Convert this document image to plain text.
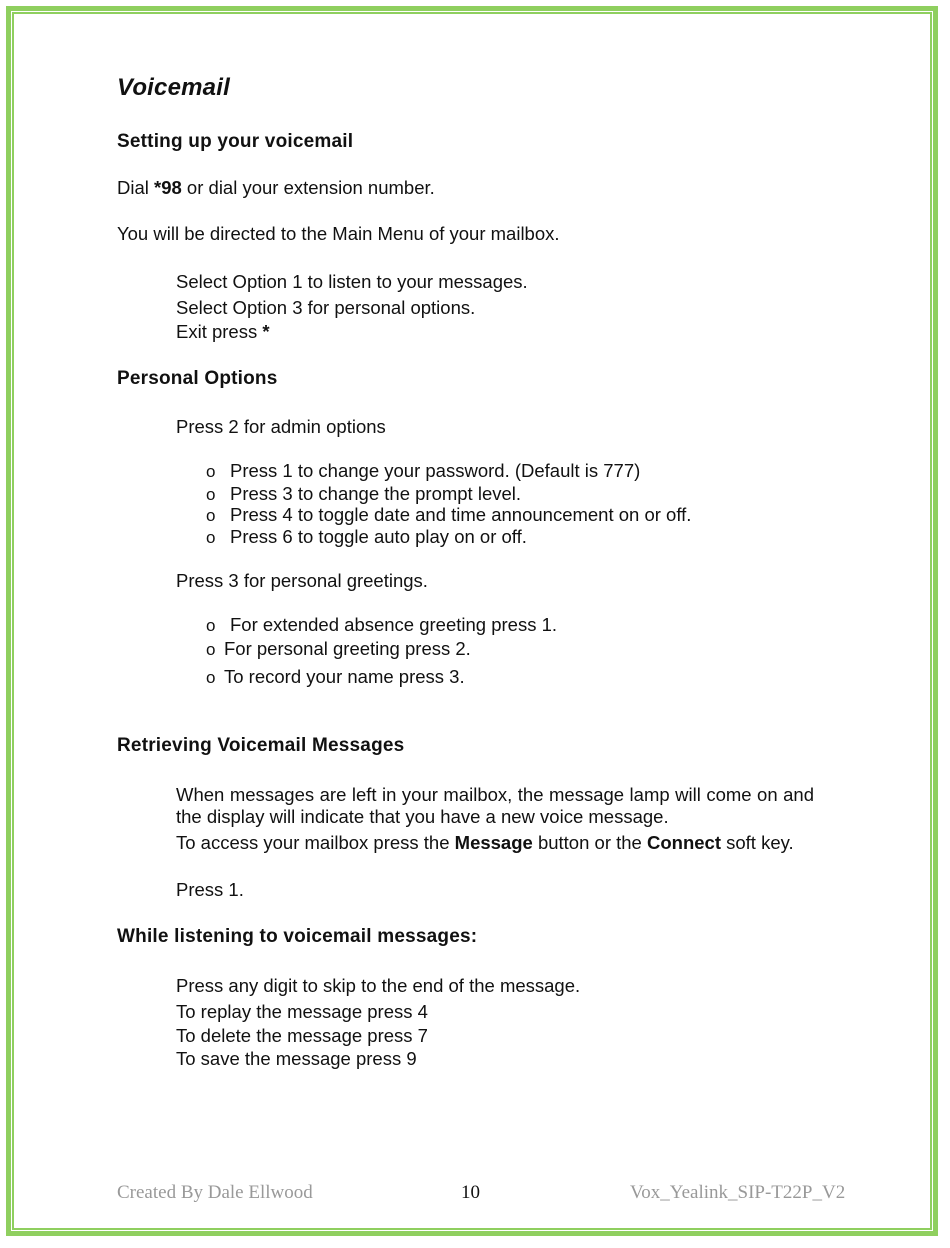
Voicemail
Setting up your voicemail

Dial *98 or dial your extension number.

You will be directed to the Main Menu of your mailbox.

Select Option 1 to listen to your messages.
Select Option 3 for personal options.
Exit press *
Personal Options
Press 2 for admin options
o Press 1 to change your password. (Default is 777)
o Press 3 to change the prompt level.
o Press 4 to toggle date and time announcement on or off.
o Press 6 to toggle auto play on or off.
Press 3 for personal greetings.
o For extended absence greeting press 1.
o For personal greeting press 2.
o To record your name press 3.
Retrieving Voicemail Messages
When messages are left in your mailbox, the message lamp will come on and the display will indicate that you have a new voice message.
To access your mailbox press the Message button or the Connect soft key.
Press 1.
While listening to voicemail messages:
Press any digit to skip to the end of the message.
To replay the message press 4
To delete the message press 7
To save the message press 9
Created By Dale Ellwood	10	Vox_Yealink_SIP-T22P_V2
